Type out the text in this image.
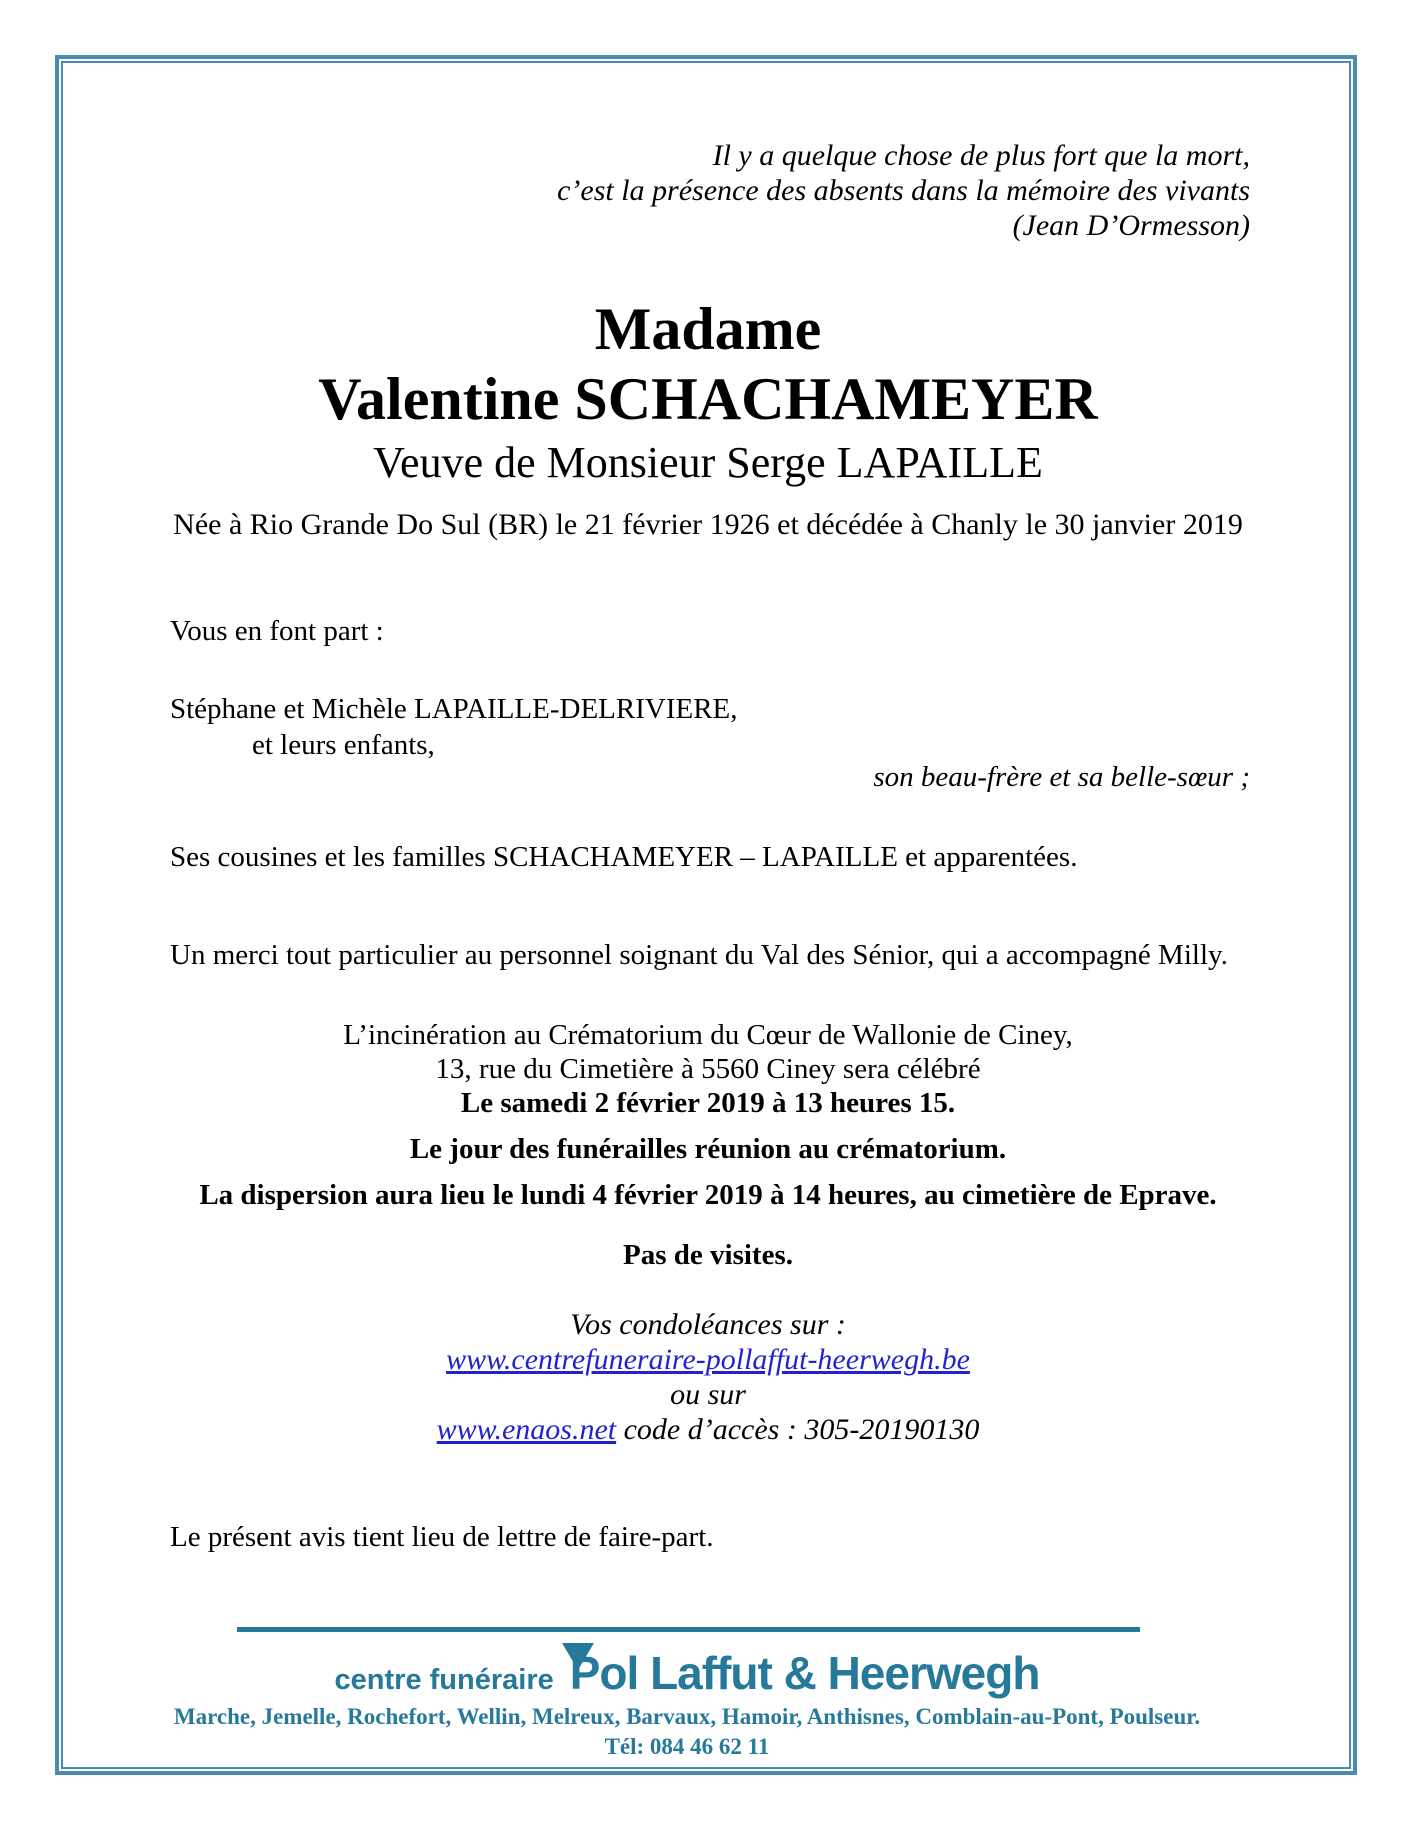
Il y a quelque chose de plus fort que la mort,
c’est la présence des absents dans la mémoire des vivants
(Jean D’Ormesson)
Madame
Valentine SCHACHAMEYER
Veuve de Monsieur Serge LAPAILLE
Née à Rio Grande Do Sul (BR) le 21 février 1926 et décédée à Chanly le 30 janvier 2019
Vous en font part :
Stéphane et Michèle LAPAILLE-DELRIVIERE,
et leurs enfants,
son beau-frère et sa belle-sœur ;
Ses cousines et les familles SCHACHAMEYER – LAPAILLE et apparentées.
Un merci tout particulier au personnel soignant du Val des Sénior, qui a accompagné Milly.
L’incinération au Crématorium du Cœur de Wallonie de Ciney,
13, rue du Cimetière à 5560 Ciney sera célébré
Le samedi 2 février 2019 à 13 heures 15.
Le jour des funérailles réunion au crématorium.
La dispersion aura lieu le lundi 4 février 2019 à 14 heures, au cimetière de Eprave.
Pas de visites.
Vos condoléances sur :
www.centrefuneraire-pollaffut-heerwegh.be
ou sur
www.enaos.net code d’accès : 305-20190130
Le présent avis tient lieu de lettre de faire-part.
centre funéraire Pol Laffut & Heerwegh
Marche, Jemelle, Rochefort, Wellin, Melreux, Barvaux, Hamoir, Anthisnes, Comblain-au-Pont, Poulseur.
Tél: 084 46 62 11
